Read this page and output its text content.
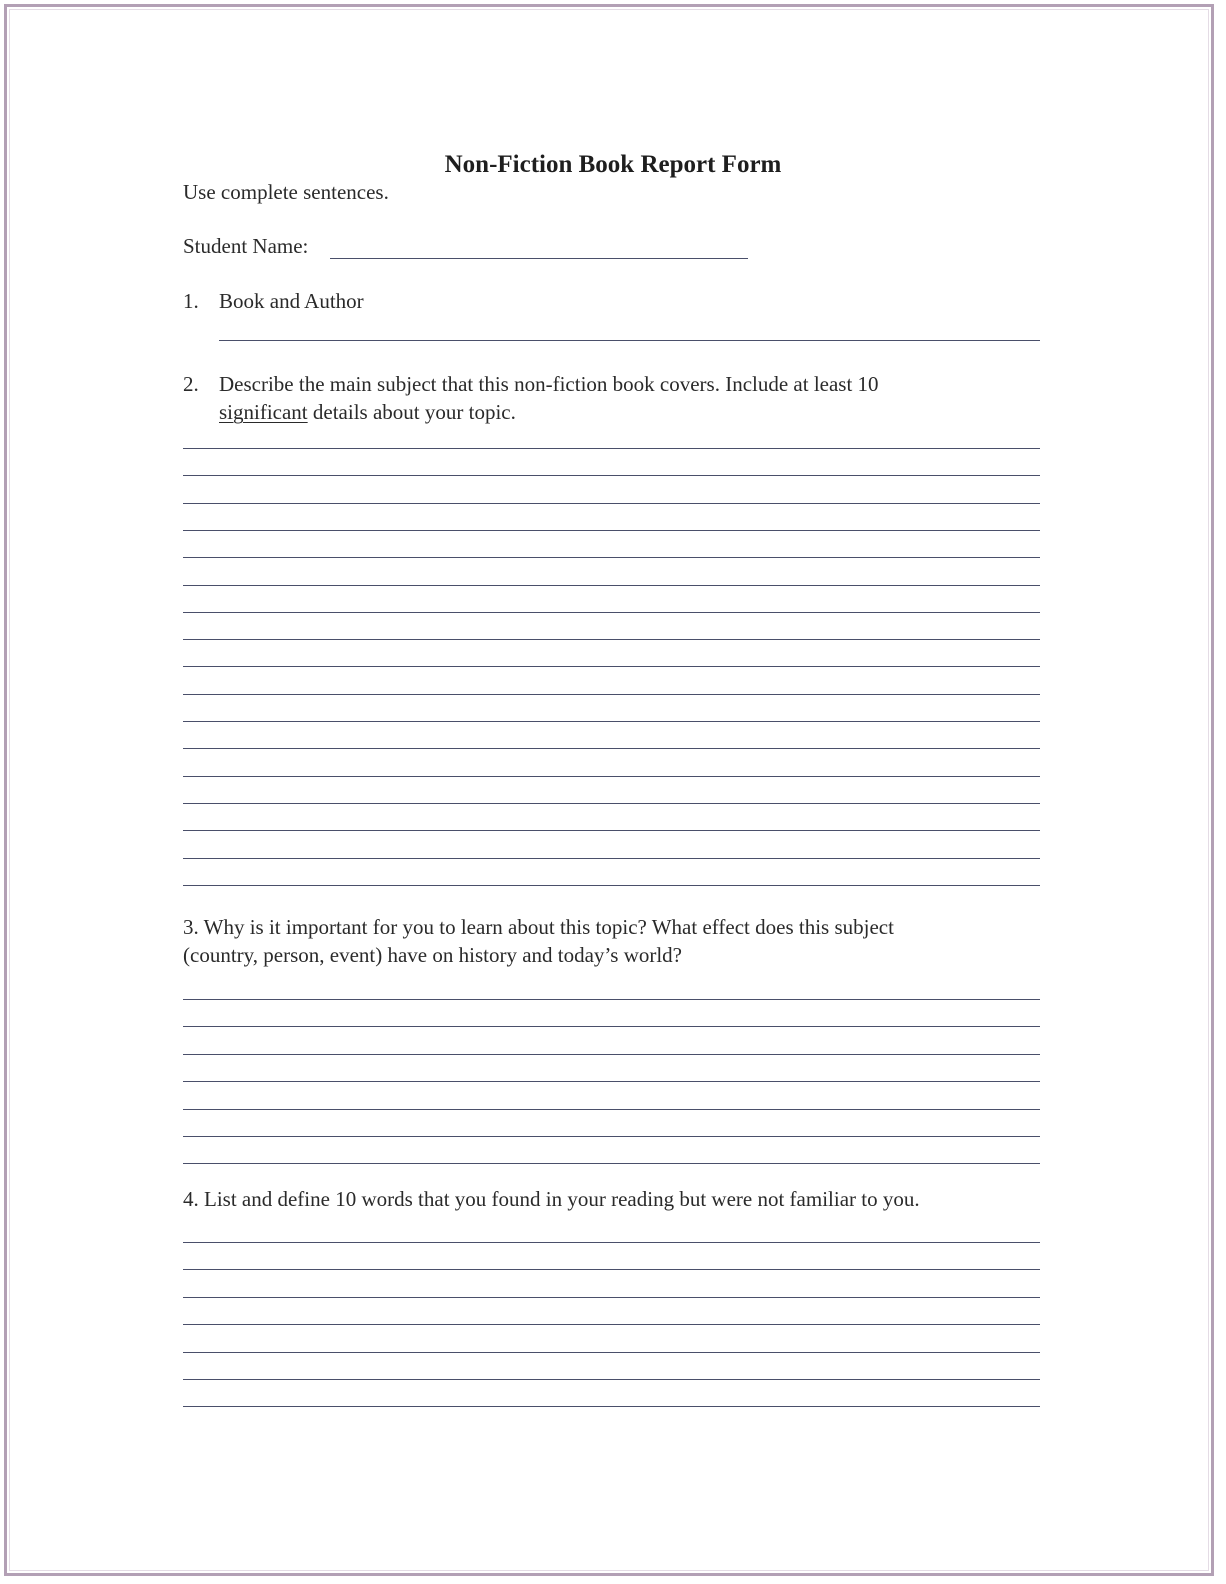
Non-Fiction Book Report Form
Use complete sentences.
Student Name:
1. Book and Author
2. Describe the main subject that this non-fiction book covers. Include at least 10
significant details about your topic.
3. Why is it important for you to learn about this topic? What effect does this subject
(country, person, event) have on history and today’s world?
4. List and define 10 words that you found in your reading but were not familiar to you.
